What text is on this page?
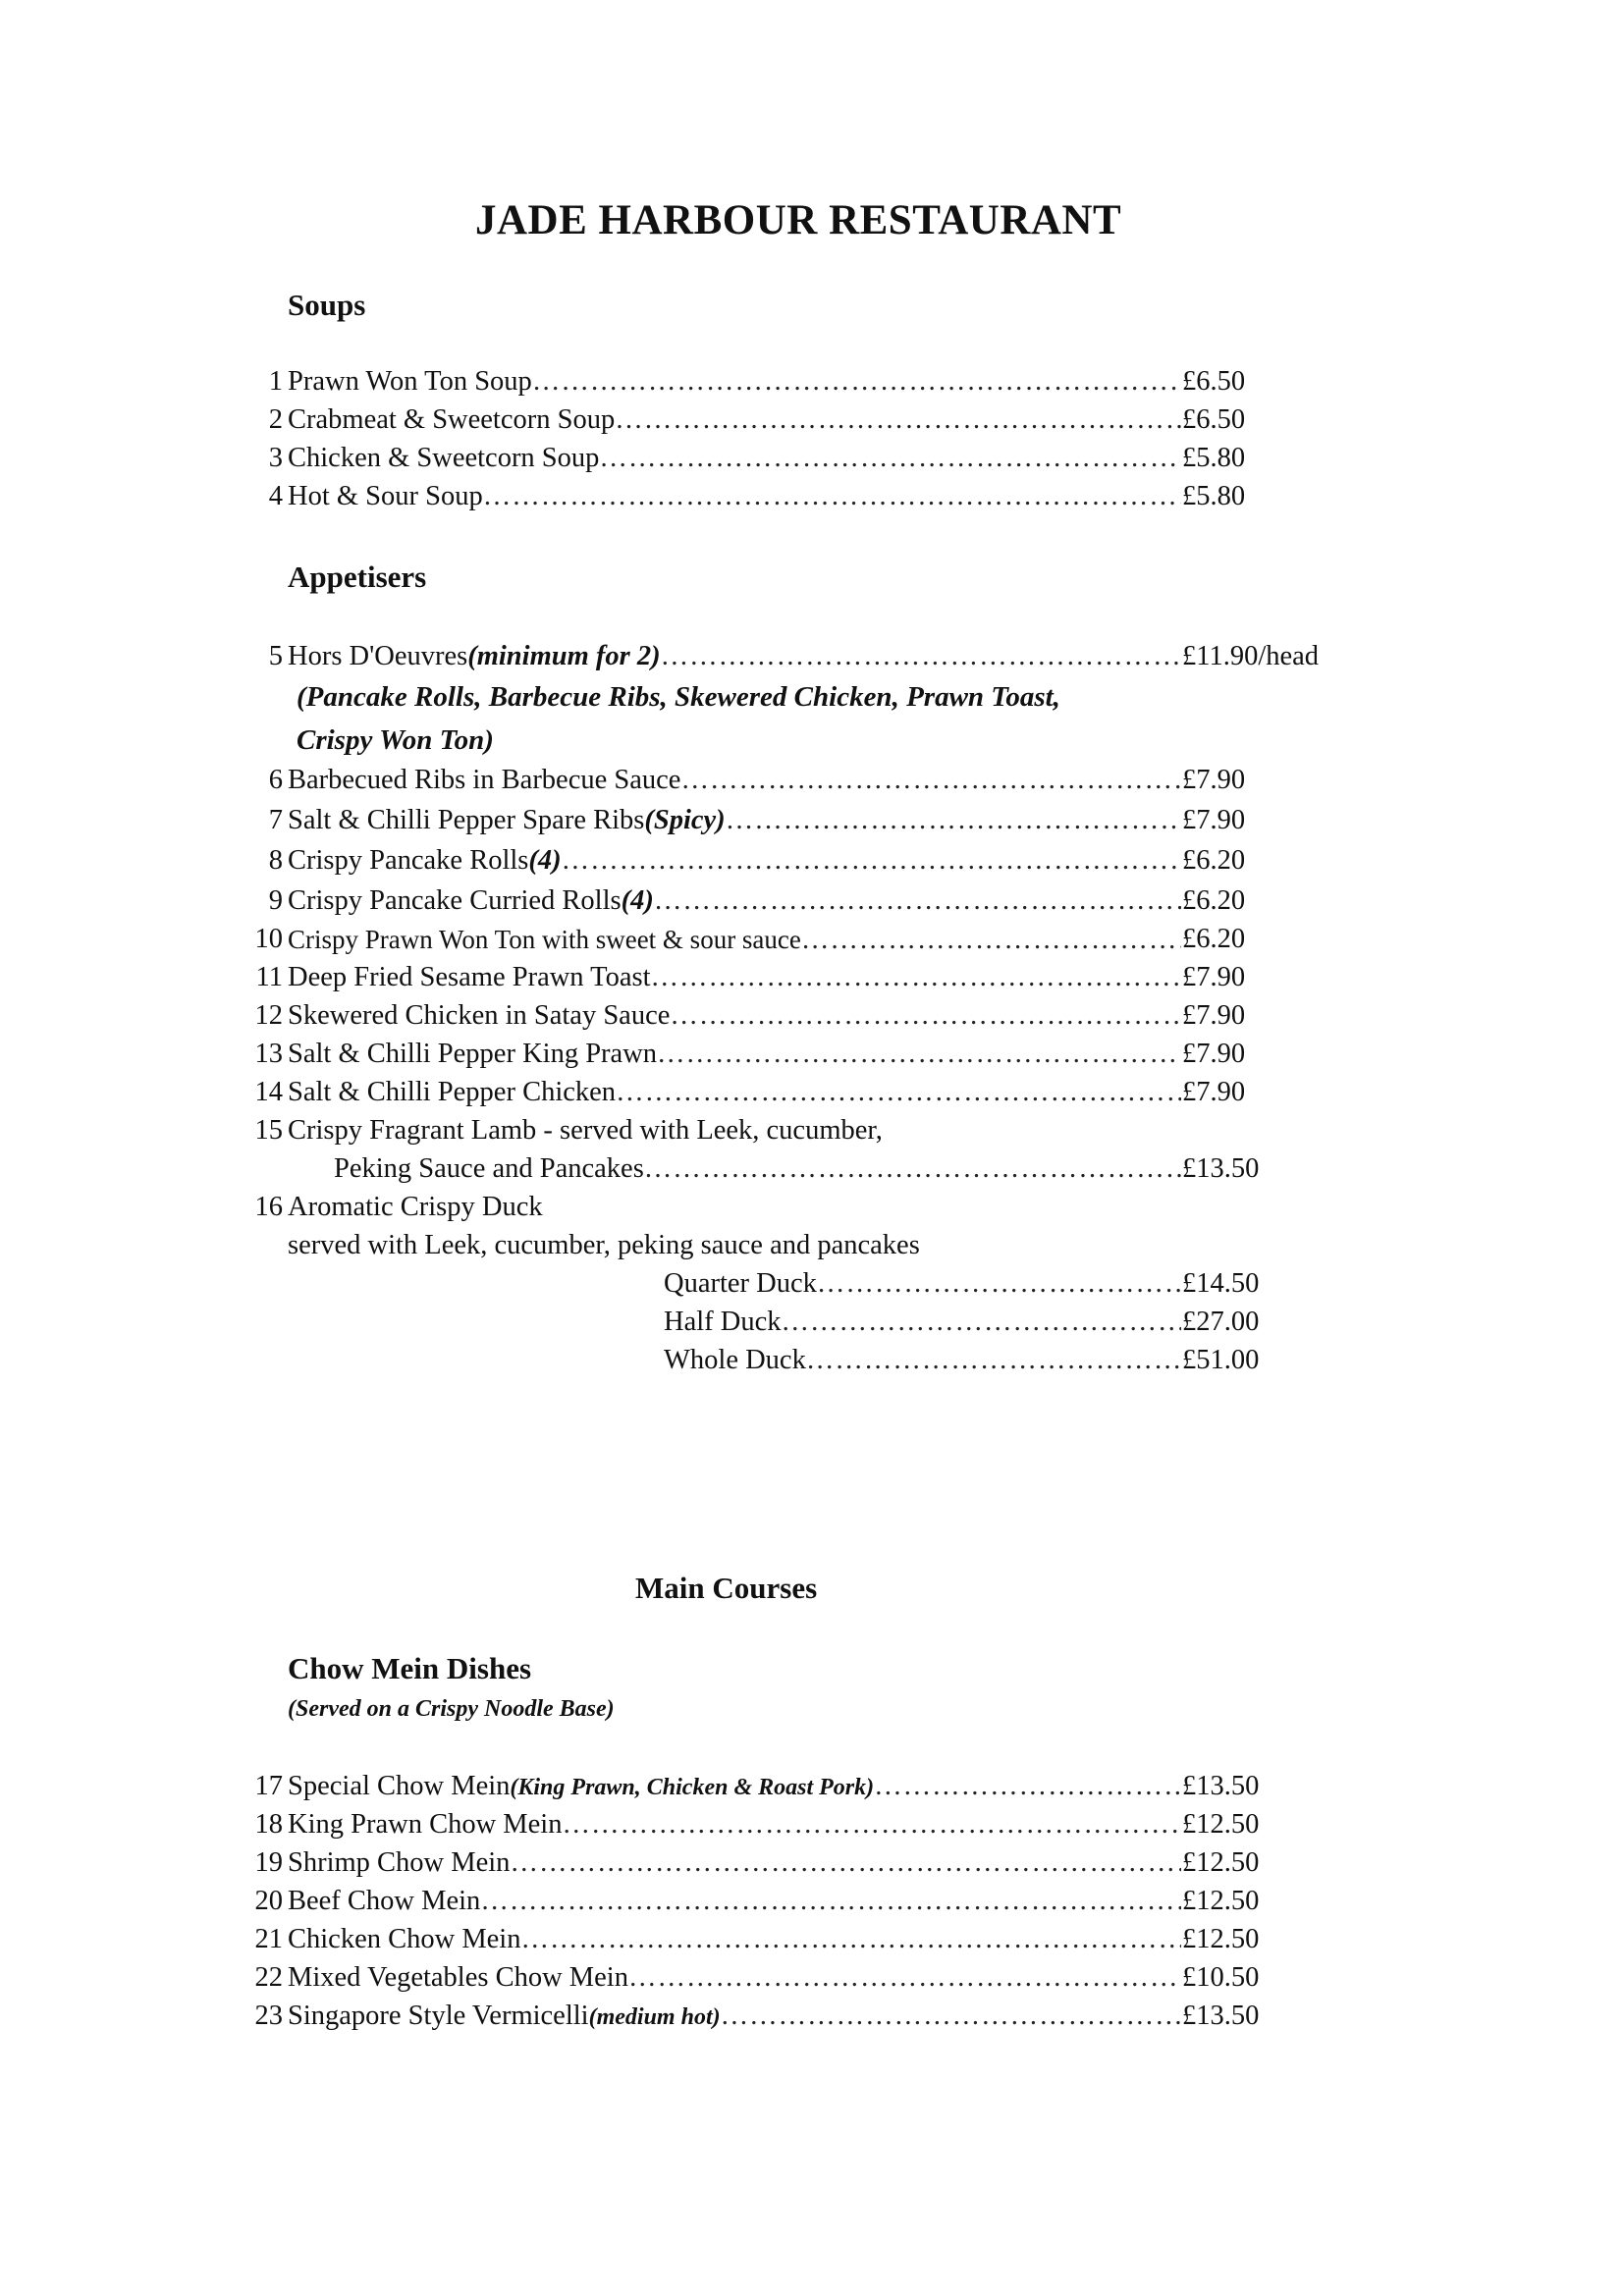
JADE HARBOUR RESTAURANT
Soups
1 Prawn Won Ton Soup ………………………………………………………………………………………………………………………………………	£6.50
2 Crabmeat & Sweetcorn Soup ………………………………………………………………………………………………………………………………………	£6.50
3 Chicken & Sweetcorn Soup ………………………………………………………………………………………………………………………………………	£5.80
4 Hot & Sour Soup ………………………………………………………………………………………………………………………………………	£5.80
Appetisers
5 Hors D'Oeuvres (minimum for 2) ………………………………………………………………………………………………………………………………………	£11.90/head
(Pancake Rolls, Barbecue Ribs, Skewered Chicken, Prawn Toast,
Crispy Won Ton)
6 Barbecued Ribs in Barbecue Sauce ………………………………………………………………………………………………………………………………………	£7.90
7 Salt & Chilli Pepper Spare Ribs (Spicy) ………………………………………………………………………………………………………………………………………	£7.90
8 Crispy Pancake Rolls (4) ………………………………………………………………………………………………………………………………………	£6.20
9 Crispy Pancake Curried Rolls (4) ………………………………………………………………………………………………………………………………………	£6.20
10 Crispy Prawn Won Ton with sweet & sour sauce ………………………………………………………………………………………………………………………………………	£6.20
11 Deep Fried Sesame Prawn Toast ………………………………………………………………………………………………………………………………………	£7.90
12 Skewered Chicken in Satay Sauce ………………………………………………………………………………………………………………………………………	£7.90
13 Salt & Chilli Pepper King Prawn ………………………………………………………………………………………………………………………………………	£7.90
14 Salt & Chilli Pepper Chicken ………………………………………………………………………………………………………………………………………	£7.90
15 Crispy Fragrant Lamb - served with Leek, cucumber,
Peking Sauce and Pancakes ………………………………………………………………………………………………………………………………………	£13.50
16 Aromatic Crispy Duck
served with Leek, cucumber, peking sauce and pancakes
Quarter Duck ………………………………………………………………………………………………………………………………………	£14.50
Half Duck ………………………………………………………………………………………………………………………………………	£27.00
Whole Duck ………………………………………………………………………………………………………………………………………	£51.00
Main Courses
Chow Mein Dishes
(Served on a Crispy Noodle Base)
17 Special Chow Mein (King Prawn, Chicken & Roast Pork) ………………………………………………………………………………………………………………………………………	£13.50
18 King Prawn Chow Mein ………………………………………………………………………………………………………………………………………	£12.50
19 Shrimp Chow Mein ………………………………………………………………………………………………………………………………………	£12.50
20 Beef Chow Mein ………………………………………………………………………………………………………………………………………	£12.50
21 Chicken Chow Mein ………………………………………………………………………………………………………………………………………	£12.50
22 Mixed Vegetables Chow Mein ………………………………………………………………………………………………………………………………………	£10.50
23 Singapore Style Vermicelli (medium hot) ………………………………………………………………………………………………………………………………………	£13.50
